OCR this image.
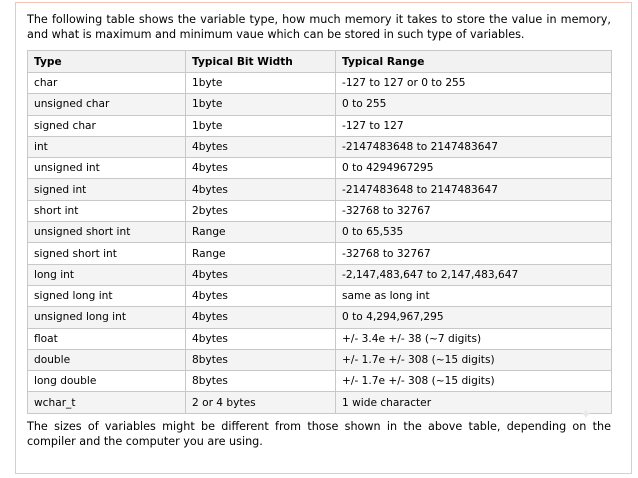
The following table shows the variable type, how much memory it takes to store the value in memory, and what is maximum and minimum vaue which can be stored in such type of variables.

Type	Typical Bit Width	Typical Range
char	1byte	-127 to 127 or 0 to 255
unsigned char	1byte	0 to 255
signed char	1byte	-127 to 127
int	4bytes	-2147483648 to 2147483647
unsigned int	4bytes	0 to 4294967295
signed int	4bytes	-2147483648 to 2147483647
short int	2bytes	-32768 to 32767
unsigned short int	Range	0 to 65,535
signed short int	Range	-32768 to 32767
long int	4bytes	-2,147,483,647 to 2,147,483,647
signed long int	4bytes	same as long int
unsigned long int	4bytes	0 to 4,294,967,295
float	4bytes	+/- 3.4e +/- 38 (~7 digits)
double	8bytes	+/- 1.7e +/- 308 (~15 digits)
long double	8bytes	+/- 1.7e +/- 308 (~15 digits)
wchar_t	2 or 4 bytes	1 wide character

The sizes of variables might be different from those shown in the above table, depending on the compiler and the computer you are using.

✦
